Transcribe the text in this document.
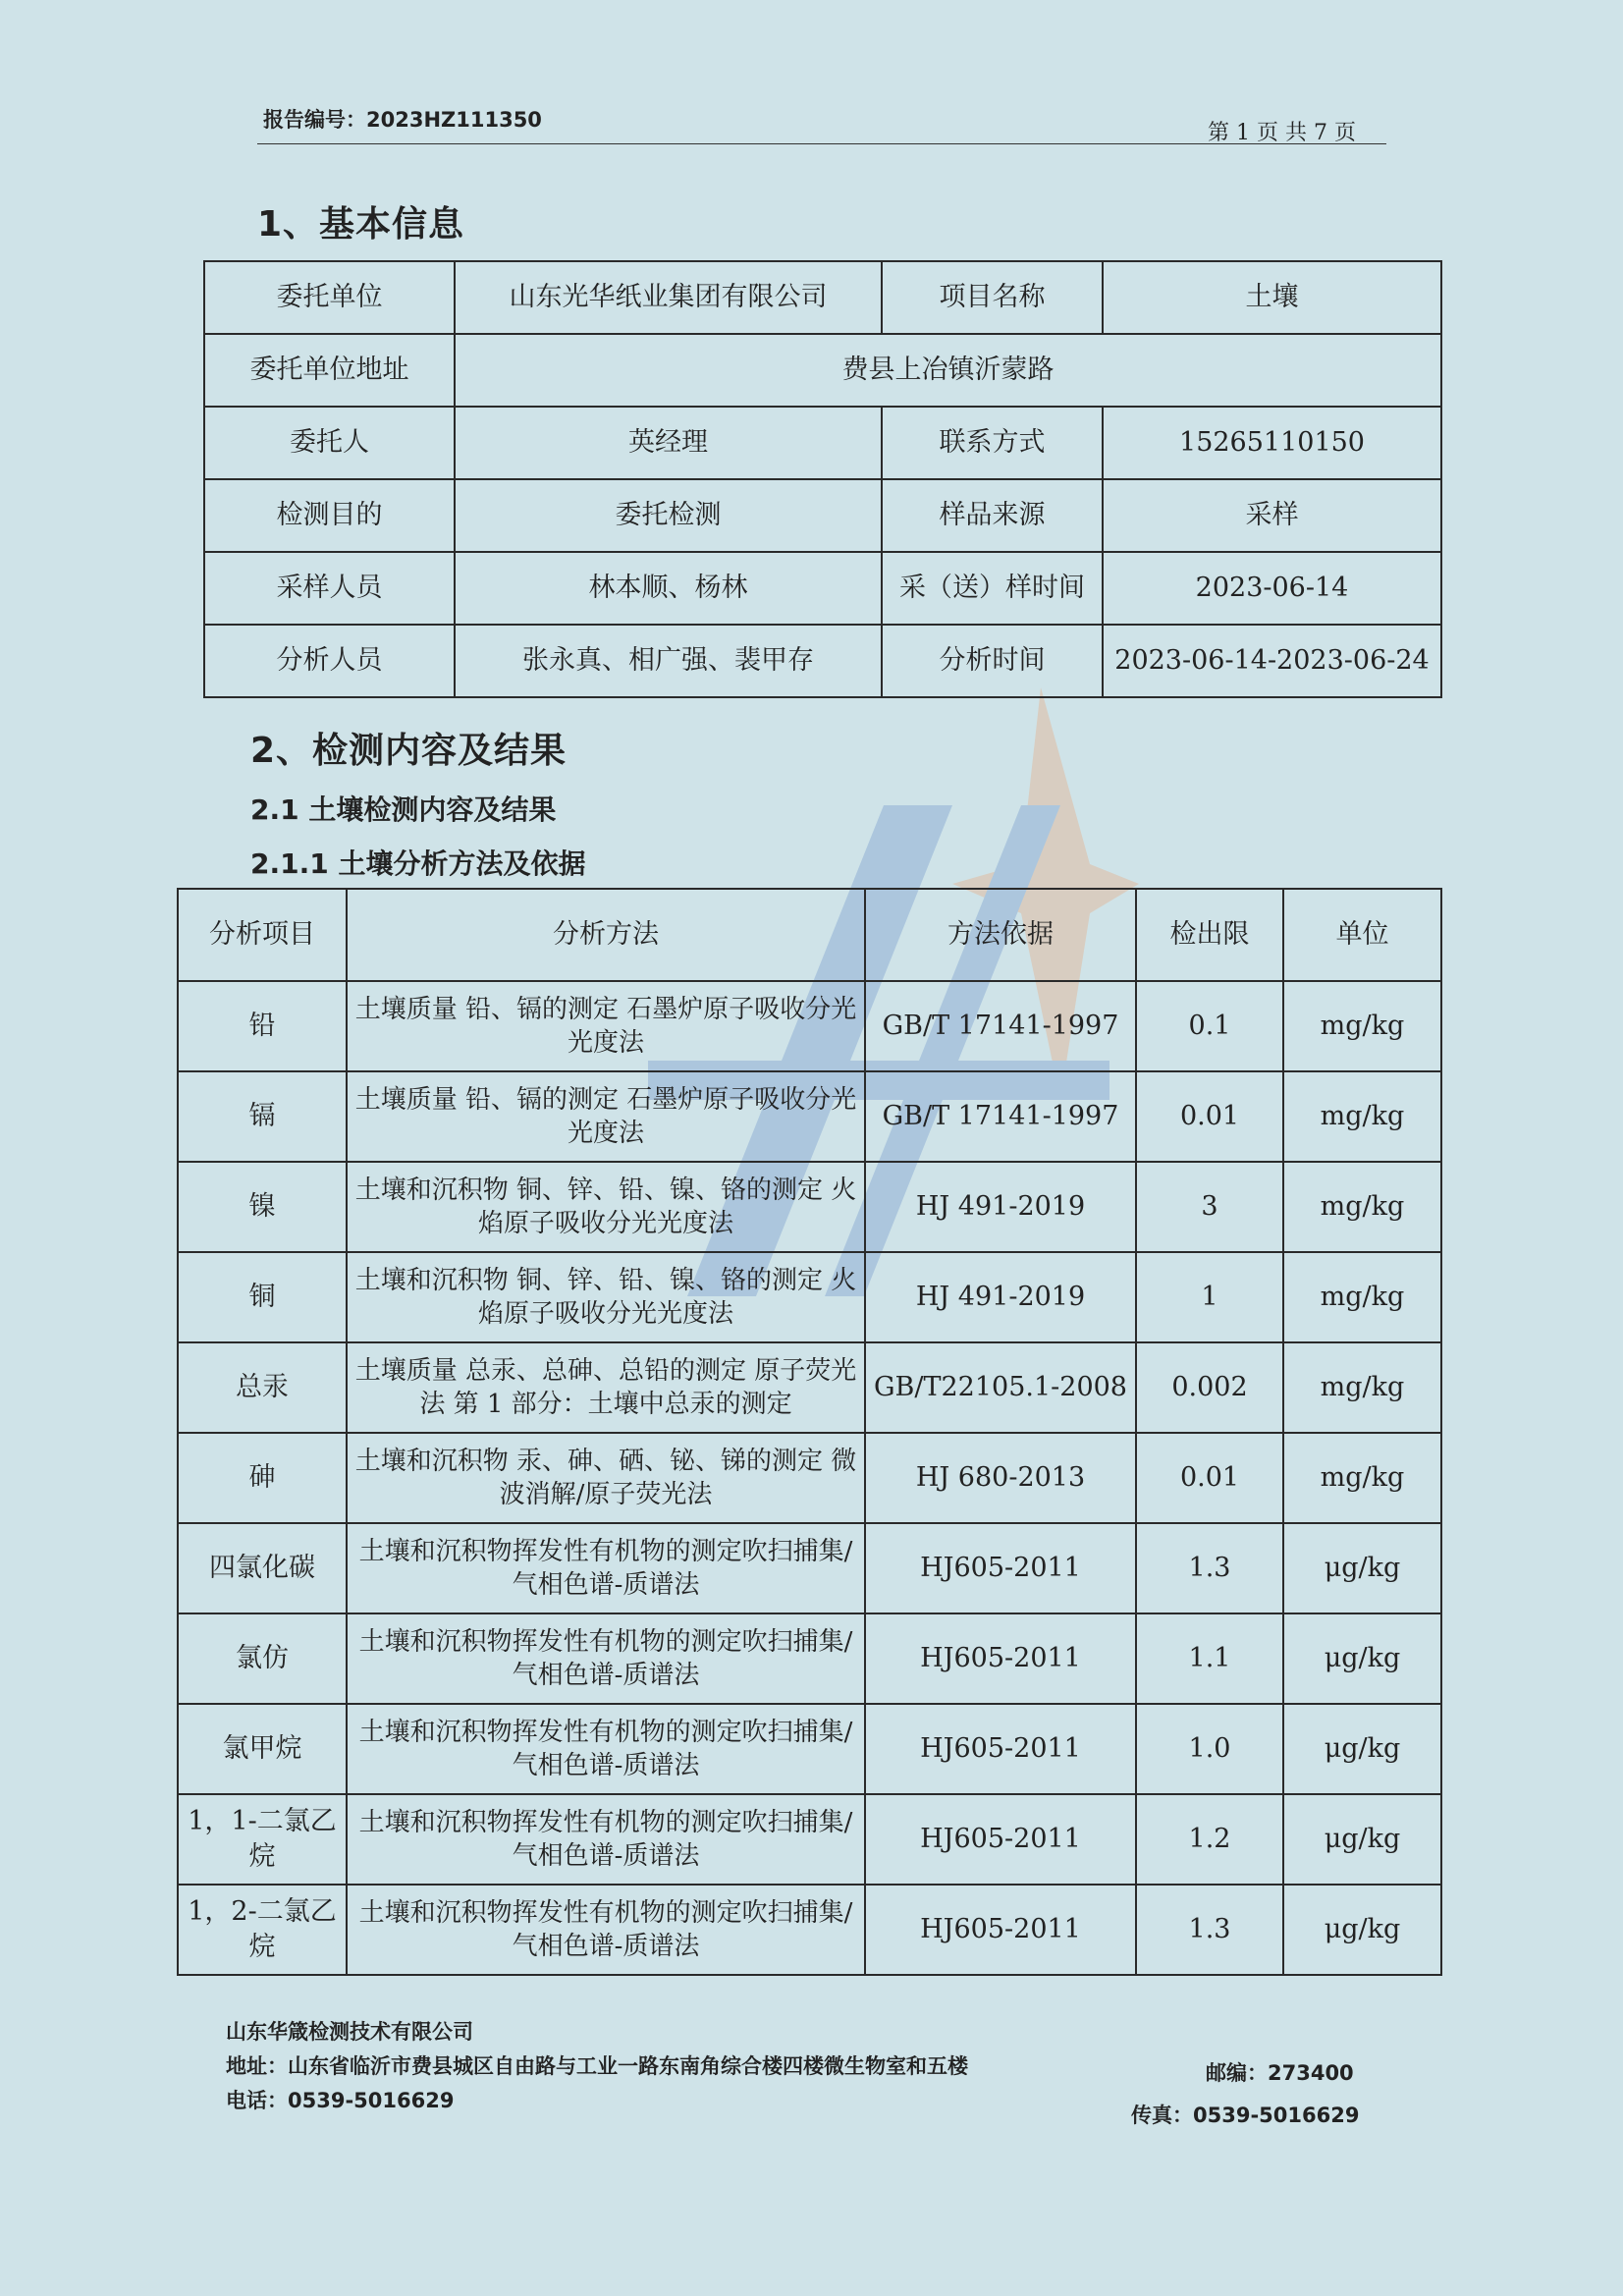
报告编号：2023HZ111350
第 1 页 共 7 页
1、基本信息
委托单位	山东光华纸业集团有限公司	项目名称	土壤
委托单位地址	费县上冶镇沂蒙路		
委托人	英经理	联系方式	15265110150
检测目的	委托检测	样品来源	采样
采样人员	林本顺、杨林	采（送）样时间	2023-06-14
分析人员	张永真、相广强、裴甲存	分析时间	2023-06-14-2023-06-24
2、检测内容及结果
2.1 土壤检测内容及结果
2.1.1 土壤分析方法及依据
分析项目	分析方法	方法依据	检出限	单位
铅	土壤质量 铅、镉的测定 石墨炉原子吸收分光光度法	GB/T 17141-1997	0.1	mg/kg
镉	土壤质量 铅、镉的测定 石墨炉原子吸收分光光度法	GB/T 17141-1997	0.01	mg/kg
镍	土壤和沉积物 铜、锌、铅、镍、铬的测定 火焰原子吸收分光光度法	HJ 491-2019	3	mg/kg
铜	土壤和沉积物 铜、锌、铅、镍、铬的测定 火焰原子吸收分光光度法	HJ 491-2019	1	mg/kg
总汞	土壤质量 总汞、总砷、总铅的测定 原子荧光法 第 1 部分：土壤中总汞的测定	GB/T22105.1-2008	0.002	mg/kg
砷	土壤和沉积物 汞、砷、硒、铋、锑的测定 微波消解/原子荧光法	HJ 680-2013	0.01	mg/kg
四氯化碳	土壤和沉积物挥发性有机物的测定吹扫捕集/气相色谱-质谱法	HJ605-2011	1.3	μg/kg
氯仿	土壤和沉积物挥发性有机物的测定吹扫捕集/气相色谱-质谱法	HJ605-2011	1.1	μg/kg
氯甲烷	土壤和沉积物挥发性有机物的测定吹扫捕集/气相色谱-质谱法	HJ605-2011	1.0	μg/kg
1，1-二氯乙烷	土壤和沉积物挥发性有机物的测定吹扫捕集/气相色谱-质谱法	HJ605-2011	1.2	μg/kg
1，2-二氯乙烷	土壤和沉积物挥发性有机物的测定吹扫捕集/气相色谱-质谱法	HJ605-2011	1.3	μg/kg
山东华箴检测技术有限公司
地址：山东省临沂市费县城区自由路与工业一路东南角综合楼四楼微生物室和五楼	邮编：273400
电话：0539-5016629
传真：0539-5016629
